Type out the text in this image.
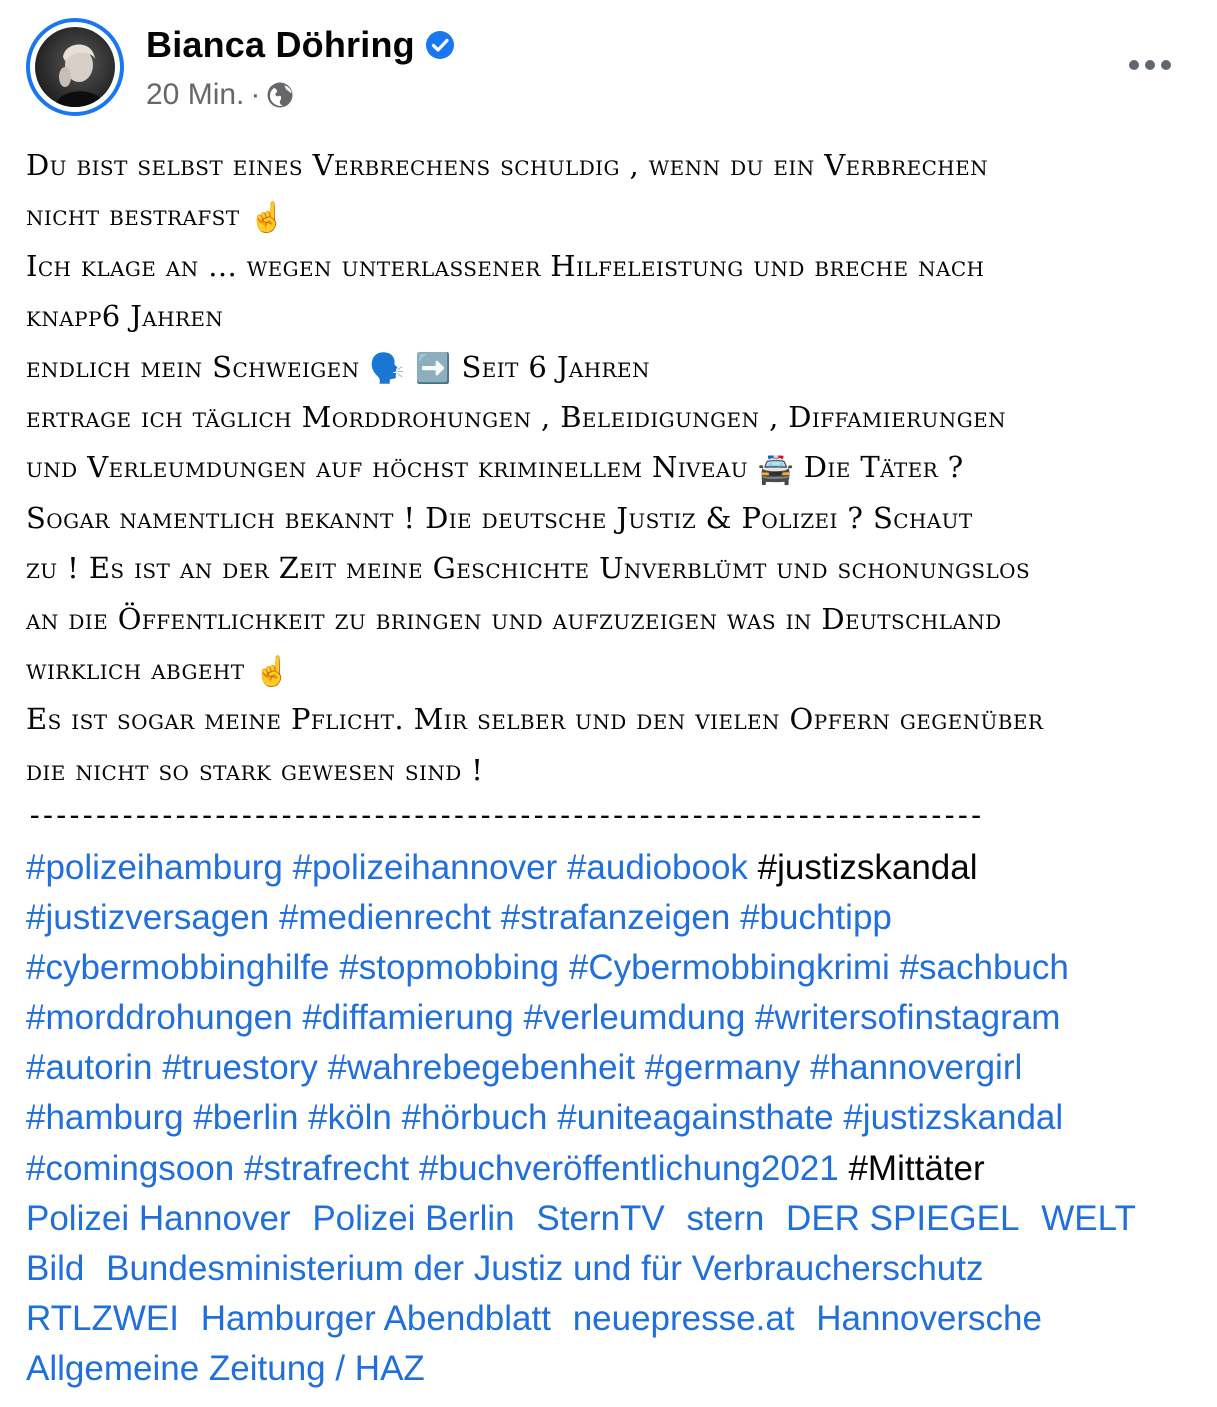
Bianca Döhring
20 Min. ·
Du bist selbst eines Verbrechens schuldig , wenn du ein Verbrechen
nicht bestrafst ☝️
Ich klage an ... wegen unterlassener Hilfeleistung und breche nach
knapp6 Jahren
endlich mein Schweigen 🗣️ ➡️ Seit 6 Jahren
ertrage ich täglich Morddrohungen , Beleidigungen , Diffamierungen
und Verleumdungen auf höchst kriminellem Niveau 🚔 Die Täter ?
Sogar namentlich bekannt ! Die deutsche Justiz & Polizei ? Schaut
zu ! Es ist an der Zeit meine Geschichte Unverblümt und schonungslos
an die Öffentlichkeit zu bringen und aufzuzeigen was in Deutschland
wirklich abgeht ☝️
Es ist sogar meine Pflicht. Mir selber und den vielen Opfern gegenüber
die nicht so stark gewesen sind !
------------------------------------------------------------------------
#polizeihamburg #polizeihannover #audiobook #justizskandal
#justizversagen #medienrecht #strafanzeigen #buchtipp
#cybermobbinghilfe #stopmobbing #Cybermobbingkrimi #sachbuch
#morddrohungen #diffamierung #verleumdung #writersofinstagram
#autorin #truestory #wahrebegebenheit #germany #hannovergirl
#hamburg #berlin #köln #hörbuch #uniteagainsthate #justizskandal
#comingsoon #strafrecht #buchveröffentlichung2021 #Mittäter
Polizei Hannover Polizei Berlin SternTV stern DER SPIEGEL WELT
Bild Bundesministerium der Justiz und für Verbraucherschutz
RTLZWEI Hamburger Abendblatt neuepresse.at Hannoversche
Allgemeine Zeitung / HAZ
